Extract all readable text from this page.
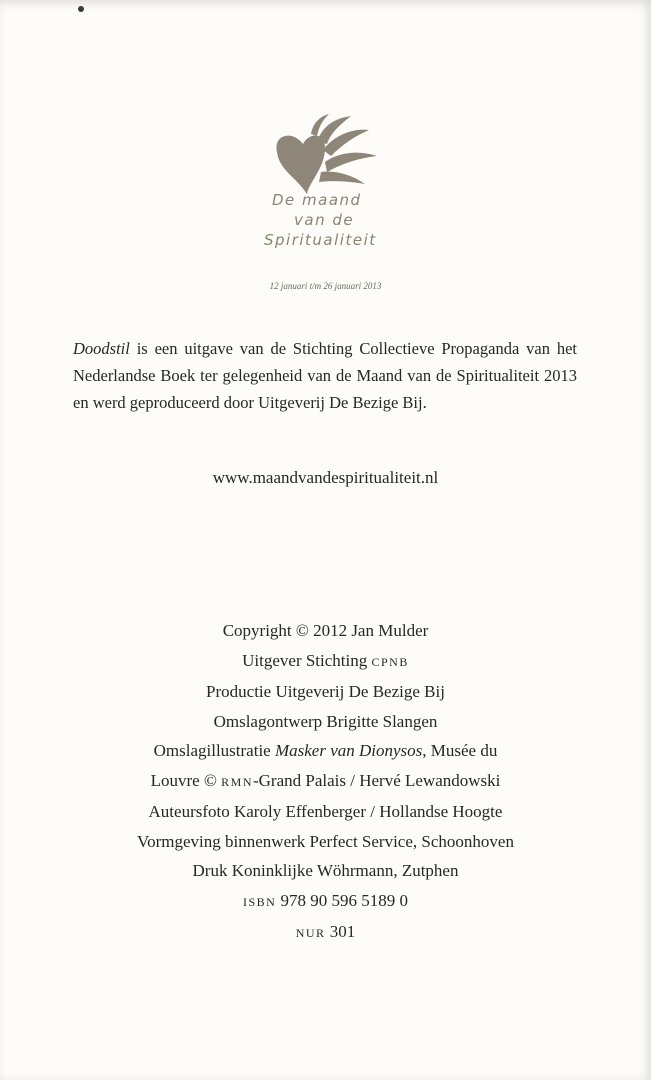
De maand
van de
Spiritualiteit
12 januari t/m 26 januari 2013

Doodstil is een uitgave van de Stichting Collectieve Propaganda van het Nederlandse Boek ter gelegenheid van de Maand van de Spiritualiteit 2013 en werd geproduceerd door Uitgeverij De Bezige Bij.

www.maandvandespiritualiteit.nl
Copyright © 2012 Jan Mulder
Uitgever Stichting CPNB
Productie Uitgeverij De Bezige Bij
Omslagontwerp Brigitte Slangen
Omslagillustratie Masker van Dionysos, Musée du
Louvre © RMN-Grand Palais / Hervé Lewandowski
Auteursfoto Karoly Effenberger / Hollandse Hoogte
Vormgeving binnenwerk Perfect Service, Schoonhoven
Druk Koninklijke Wöhrmann, Zutphen
ISBN 978 90 596 5189 0
NUR 301
